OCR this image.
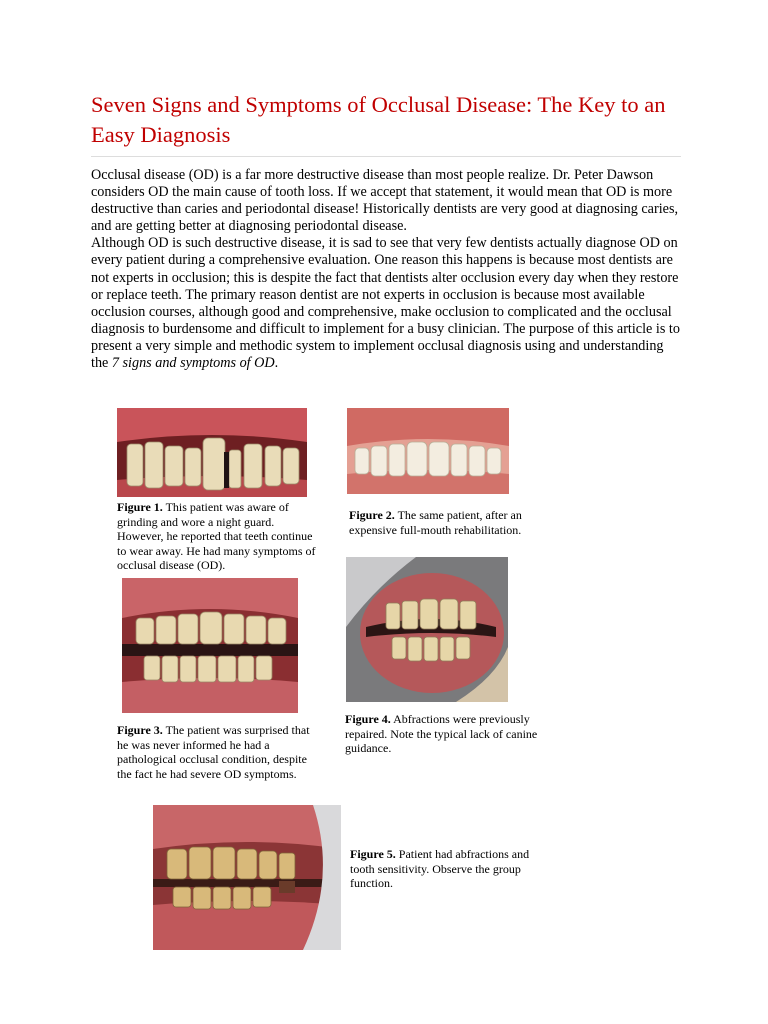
Seven Signs and Symptoms of Occlusal Disease: The Key to an Easy Diagnosis

Occlusal disease (OD) is a far more destructive disease than most people realize. Dr. Peter Dawson considers OD the main cause of tooth loss. If we accept that statement, it would mean that OD is more destructive than caries and periodontal disease! Historically dentists are very good at diagnosing caries, and are getting better at diagnosing periodontal disease.

Although OD is such destructive disease, it is sad to see that very few dentists actually diagnose OD on every patient during a comprehensive evaluation. One reason this happens is because most dentists are not experts in occlusion; this is despite the fact that dentists alter occlusion every day when they restore or replace teeth. The primary reason dentist are not experts in occlusion is because most available occlusion courses, although good and comprehensive, make occlusion to complicated and the occlusal diagnosis to burdensome and difficult to implement for a busy clinician. The purpose of this article is to present a very simple and methodic system to implement occlusal diagnosis using and understanding the 7 signs and symptoms of OD.

Figure 1. This patient was aware of grinding and wore a night guard. However, he reported that teeth continue to wear away. He had many symptoms of occlusal disease (OD).

Figure 2. The same patient, after an expensive full-mouth rehabilitation.

Figure 3. The patient was surprised that he was never informed he had a pathological occlusal condition, despite the fact he had severe OD symptoms.

Figure 4. Abfractions were previously repaired. Note the typical lack of canine guidance.

Figure 5. Patient had abfractions and tooth sensitivity. Observe the group function.
